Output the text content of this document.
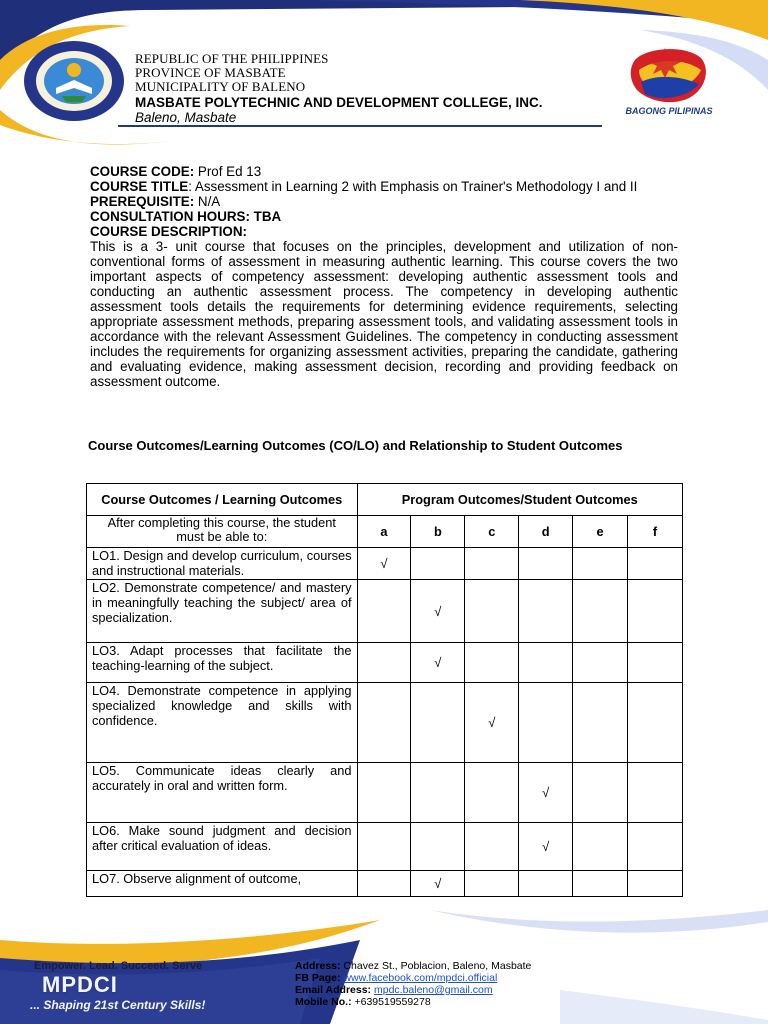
REPUBLIC OF THE PHILIPPINES
PROVINCE OF MASBATE
MUNICIPALITY OF BALENO
MASBATE POLYTECHNIC AND DEVELOPMENT COLLEGE, INC.
Baleno, Masbate	BAGONG PILIPINAS
COURSE CODE: Prof Ed 13
COURSE TITLE: Assessment in Learning 2 with Emphasis on Trainer's Methodology I and II
PREREQUISITE: N/A
CONSULTATION HOURS: TBA
COURSE DESCRIPTION:
This is a 3- unit course that focuses on the principles, development and utilization of non-conventional forms of assessment in measuring authentic learning. This course covers the two important aspects of competency assessment: developing authentic assessment tools and conducting an authentic assessment process. The competency in developing authentic assessment tools details the requirements for determining evidence requirements, selecting appropriate assessment methods, preparing assessment tools, and validating assessment tools in accordance with the relevant Assessment Guidelines. The competency in conducting assessment includes the requirements for organizing assessment activities, preparing the candidate, gathering and evaluating evidence, making assessment decision, recording and providing feedback on assessment outcome.
Course Outcomes/Learning Outcomes (CO/LO) and Relationship to Student Outcomes
Course Outcomes / Learning Outcomes	Program Outcomes/Student Outcomes					
After completing this course, the student must be able to:	a	b	c	d	e	f
LO1. Design and develop curriculum, courses and instructional materials.	√					
LO2. Demonstrate competence/ and mastery in meaningfully teaching the subject/ area of specialization.		√				
LO3. Adapt processes that facilitate the teaching-learning of the subject.		√				
LO4. Demonstrate competence in applying specialized knowledge and skills with confidence.			√			
LO5. Communicate ideas clearly and accurately in oral and written form.				√		
LO6. Make sound judgment and decision after critical evaluation of ideas.				√		
LO7. Observe alignment of outcome,		√				
Empower. Lead. Succeed. Serve
MPDCI
... Shaping 21st Century Skills!
Address: Chavez St., Poblacion, Baleno, Masbate
FB Page: www.facebook.com/mpdci.official
Email Address: mpdc.baleno@gmail.com
Mobile No.: +639519559278
